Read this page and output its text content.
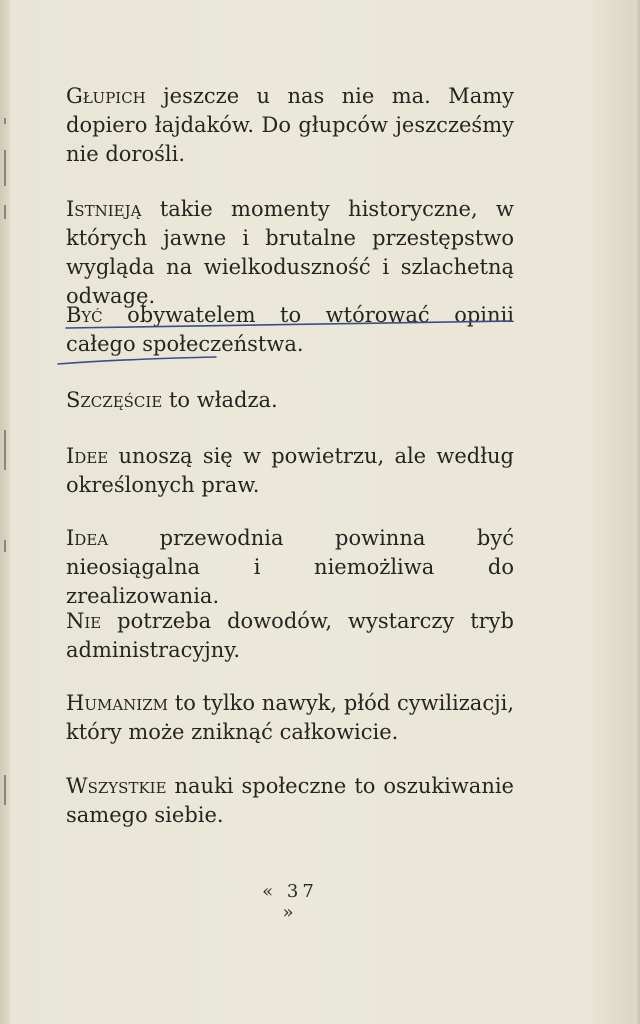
Głupich jeszcze u nas nie ma. Mamy dopiero łajdaków. Do głupców jeszcześmy nie dorośli.

Istnieją takie momenty historyczne, w których jawne i brutalne przestępstwo wygląda na wielkoduszność i szlachetną odwagę.

Być obywatelem to wtórować opinii całego społeczeństwa.

Szczęście to władza.

Idee unoszą się w powietrzu, ale według określonych praw.

Idea przewodnia powinna być nieosiągalna i niemożliwa do zrealizowania.

Nie potrzeba dowodów, wystarczy tryb administracyjny.

Humanizm to tylko nawyk, płód cywilizacji, który może zniknąć całkowicie.

Wszystkie nauki społeczne to oszukiwanie samego siebie.

« 37 »
